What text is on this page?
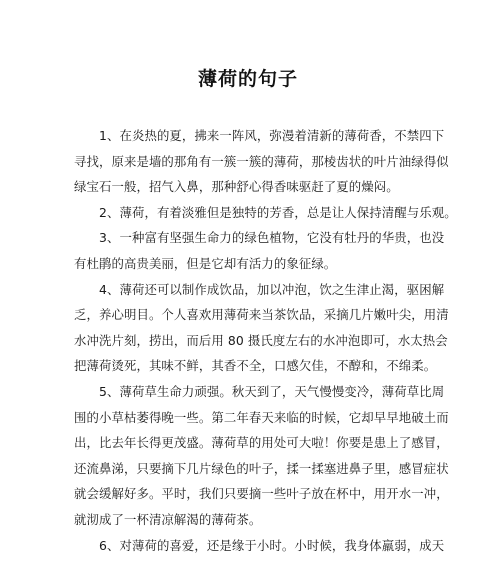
薄荷的句子
1、在炎热的夏，拂来一阵风，弥漫着清新的薄荷香，不禁四下
寻找，原来是墙的那角有一簇一簇的薄荷，那棱齿状的叶片油绿得似
绿宝石一般，招气入鼻，那种舒心得香味驱赶了夏的燥闷。
2、薄荷，有着淡雅但是独特的芳香，总是让人保持清醒与乐观。
3、一种富有坚强生命力的绿色植物，它没有牡丹的华贵，也没
有杜鹃的高贵美丽，但是它却有活力的象征绿。
4、薄荷还可以制作成饮品，加以冲泡，饮之生津止渴，驱困解
乏，养心明目。个人喜欢用薄荷来当茶饮品，采摘几片嫩叶尖，用清
水冲洗片刻，捞出，而后用 80 摄氏度左右的水冲泡即可，水太热会
把薄荷烫死，其味不鲜，其香不全，口感欠佳，不醇和，不绵柔。
5、薄荷草生命力顽强。秋天到了，天气慢慢变冷，薄荷草比周
围的小草枯萎得晚一些。第二年春天来临的时候，它却早早地破土而
出，比去年长得更茂盛。薄荷草的用处可大啦！你要是患上了感冒，
还流鼻涕，只要摘下几片绿色的叶子，揉一揉塞进鼻子里，感冒症状
就会缓解好多。平时，我们只要摘一些叶子放在杯中，用开水一冲，
就沏成了一杯清凉解渴的薄荷茶。
6、对薄荷的喜爱，还是缘于小时。小时候，我身体羸弱，成天
